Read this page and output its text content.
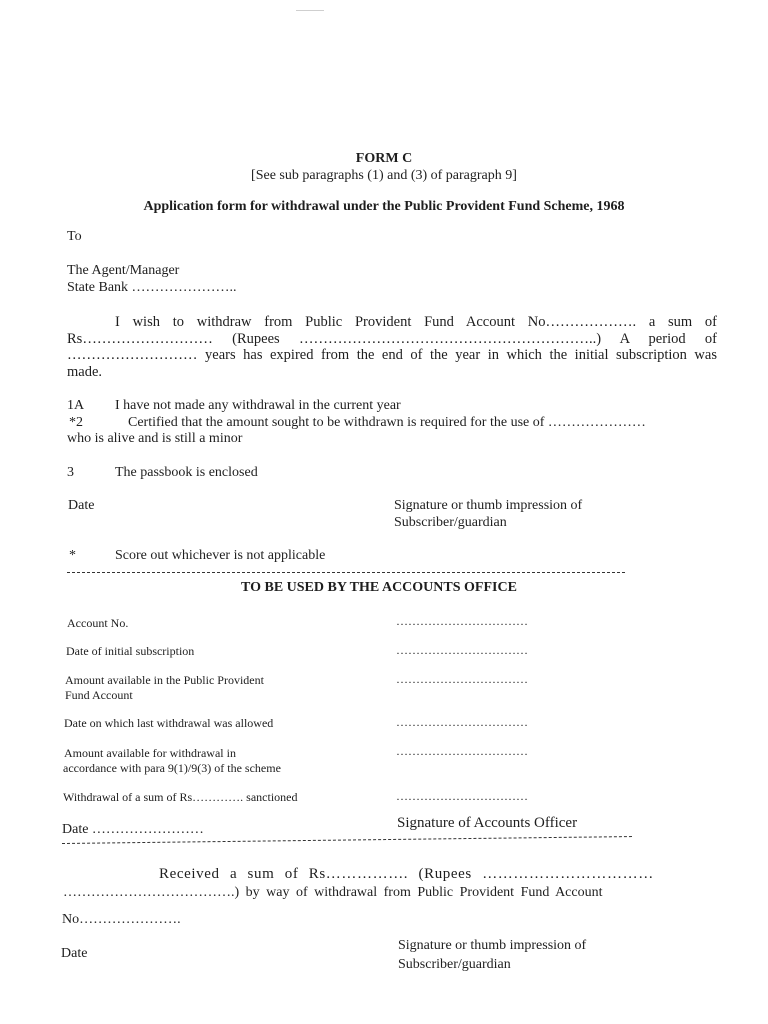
FORM C
[See sub paragraphs (1) and (3) of paragraph 9]
Application form for withdrawal under the Public Provident Fund Scheme, 1968
To
The Agent/Manager
State Bank …………………..
I wish to withdraw from Public Provident Fund Account No………………. a sum of
Rs……………………… (Rupees ……………………………………………………..) A period of
……………………… years has expired from the end of the year in which the initial subscription was
made.
1A I have not made any withdrawal in the current year
*2	Certified that the amount sought to be withdrawn is required for the use of …………………
who is alive and is still a minor
3	The passbook is enclosed
Date	Signature or thumb impression of
Subscriber/guardian
*	Score out whichever is not applicable
TO BE USED BY THE ACCOUNTS OFFICE
Account No.	……………………………
Date of initial subscription	……………………………
Amount available in the Public Provident
Fund Account
……………………………
Date on which last withdrawal was allowed	……………………………
Amount available for withdrawal in
accordance with para 9(1)/9(3) of the scheme
……………………………
Withdrawal of a sum of Rs…………. sanctioned	……………………………
Date ……………………	Signature of Accounts Officer
Received a sum of Rs……………. (Rupees ……………………………
……………………………….) by way of withdrawal from Public Provident Fund Account
No………………….
Date
Signature or thumb impression of
Subscriber/guardian
